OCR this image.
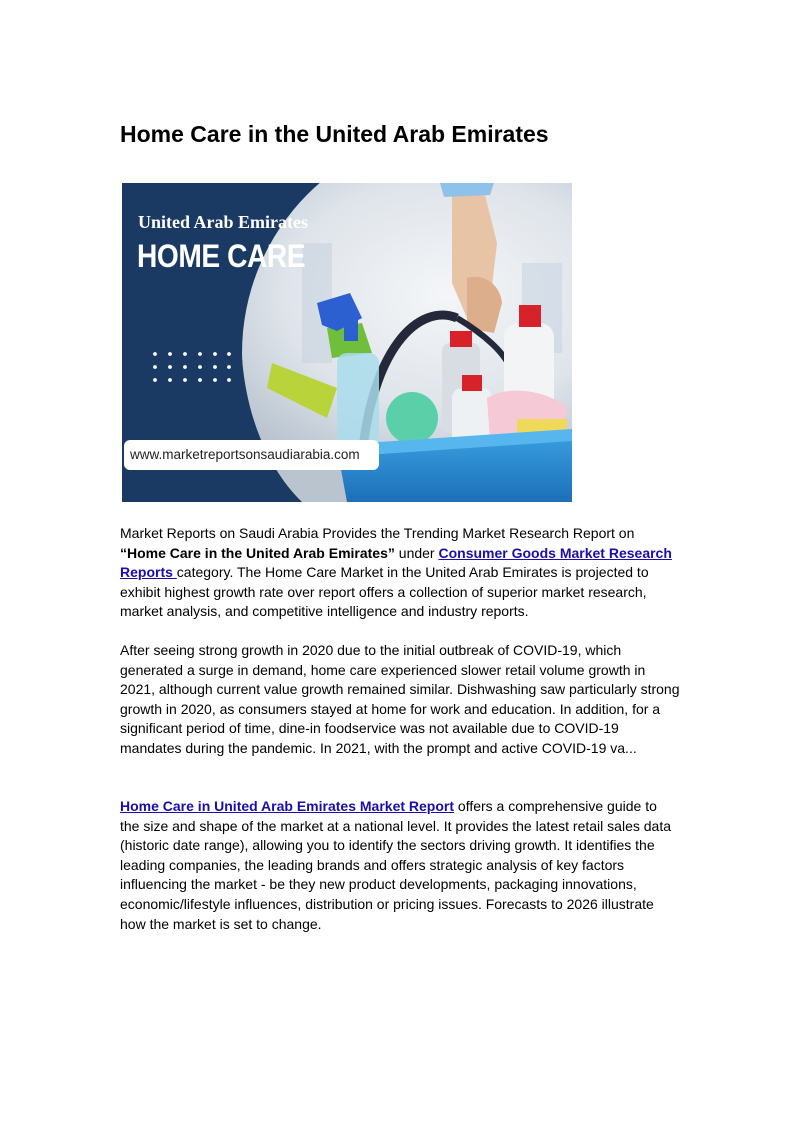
Home Care in the United Arab Emirates
United Arab Emirates
HOME CARE
www.marketreportsonsaudiarabia.com

Market Reports on Saudi Arabia Provides the Trending Market Research Report on “Home Care in the United Arab Emirates” under Consumer Goods Market Research Reports category. The Home Care Market in the United Arab Emirates is projected to exhibit highest growth rate over report offers a collection of superior market research, market analysis, and competitive intelligence and industry reports.

After seeing strong growth in 2020 due to the initial outbreak of COVID-19, which generated a surge in demand, home care experienced slower retail volume growth in 2021, although current value growth remained similar. Dishwashing saw particularly strong growth in 2020, as consumers stayed at home for work and education. In addition, for a significant period of time, dine-in foodservice was not available due to COVID-19 mandates during the pandemic. In 2021, with the prompt and active COVID-19 va...

Home Care in United Arab Emirates Market Report offers a comprehensive guide to the size and shape of the market at a national level. It provides the latest retail sales data (historic date range), allowing you to identify the sectors driving growth. It identifies the leading companies, the leading brands and offers strategic analysis of key factors influencing the market - be they new product developments, packaging innovations, economic/lifestyle influences, distribution or pricing issues. Forecasts to 2026 illustrate how the market is set to change.
